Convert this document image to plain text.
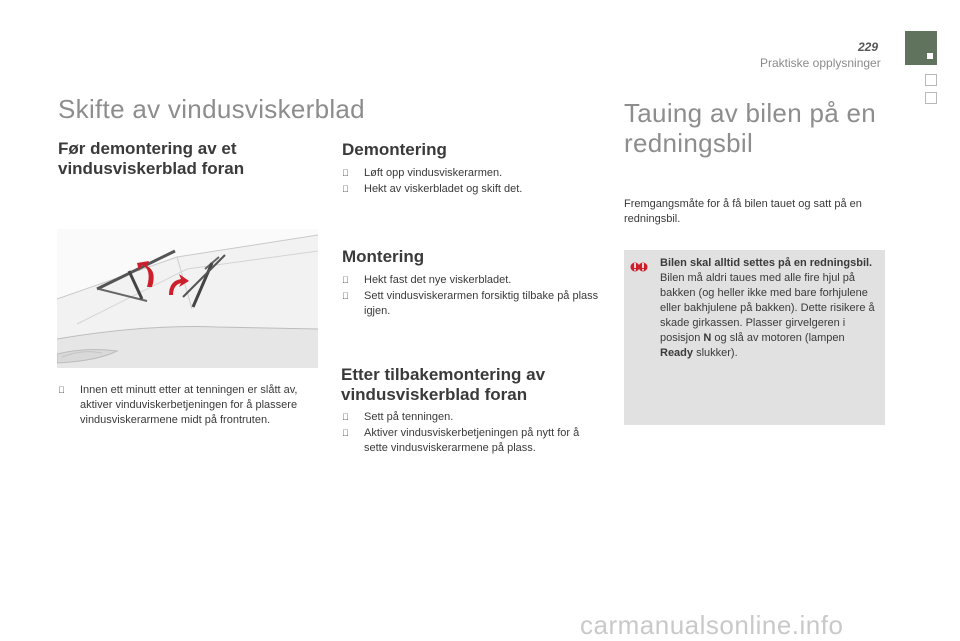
229
Praktiske opplysninger
Skifte av vindusviskerblad
Før demontering av et vindusviskerblad foran
Innen ett minutt etter at tenningen er slått av, aktiver vinduviskerbetjeningen for å plassere vindusviskerarmene midt på frontruten.
Demontering
Løft opp vindusviskerarmen.
Hekt av viskerbladet og skift det.
Montering
Hekt fast det nye viskerbladet.
Sett vindusviskerarmen forsiktig tilbake på plass igjen.
Etter tilbakemontering av vindusviskerblad foran
Sett på tenningen.
Aktiver vindusviskerbetjeningen på nytt for å sette vindusviskerarmene på plass.
Tauing av bilen på en redningsbil
Fremgangsmåte for å få bilen tauet og satt på en redningsbil.
Bilen skal alltid settes på en redningsbil.
Bilen må aldri taues med alle fire hjul på bakken (og heller ikke med bare forhjulene eller bakhjulene på bakken). Dette risikere å skade girkassen. Plasser girvelgeren i posisjon N og slå av motoren (lampen Ready slukker).
carmanualsonline.info
